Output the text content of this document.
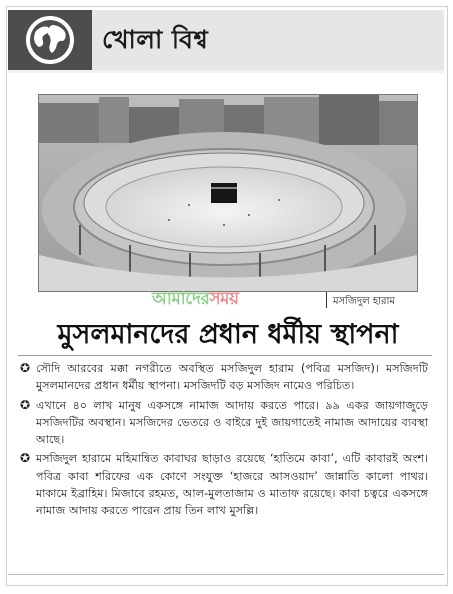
খোলা বিশ্ব
আমাদেরসময়	মসজিদুল হারাম
মুসলমানদের প্রধান ধর্মীয় স্থাপনা
✪ সৌদি আরবের মক্কা নগরীতে অবস্থিত মসজিদুল হারাম (পবিত্র মসজিদ)। মসজিদটি মুসলমানদের প্রধান ধর্মীয় স্থাপনা। মসজিদটি বড় মসজিদ নামেও পরিচিত।
✪ এখানে ৪০ লাখ মানুষ একসঙ্গে নামাজ আদায় করতে পারে। ৯৯ একর জায়গাজুড়ে মসজিদটির অবস্থান। মসজিদের ভেতরে ও বাইরে দুই জায়গাতেই নামাজ আদায়ের ব্যবস্থা আছে।
✪ মসজিদুল হারামে মহিমান্বিত কাবাঘর ছাড়াও রয়েছে ‘হাতিমে কাবা’, এটি কাবারই অংশ। পবিত্র কাবা শরিফের এক কোণে সংযুক্ত ‘হাজরে আসওয়াদ’ জান্নাতি কালো পাথর। মাকামে ইব্রাহিম। মিজাবে রহমত, আল-মুলতাজাম ও মাতাফ রয়েছে। কাবা চত্বরে একসঙ্গে নামাজ আদায় করতে পারেন প্রায় তিন লাখ মুসল্লি।
